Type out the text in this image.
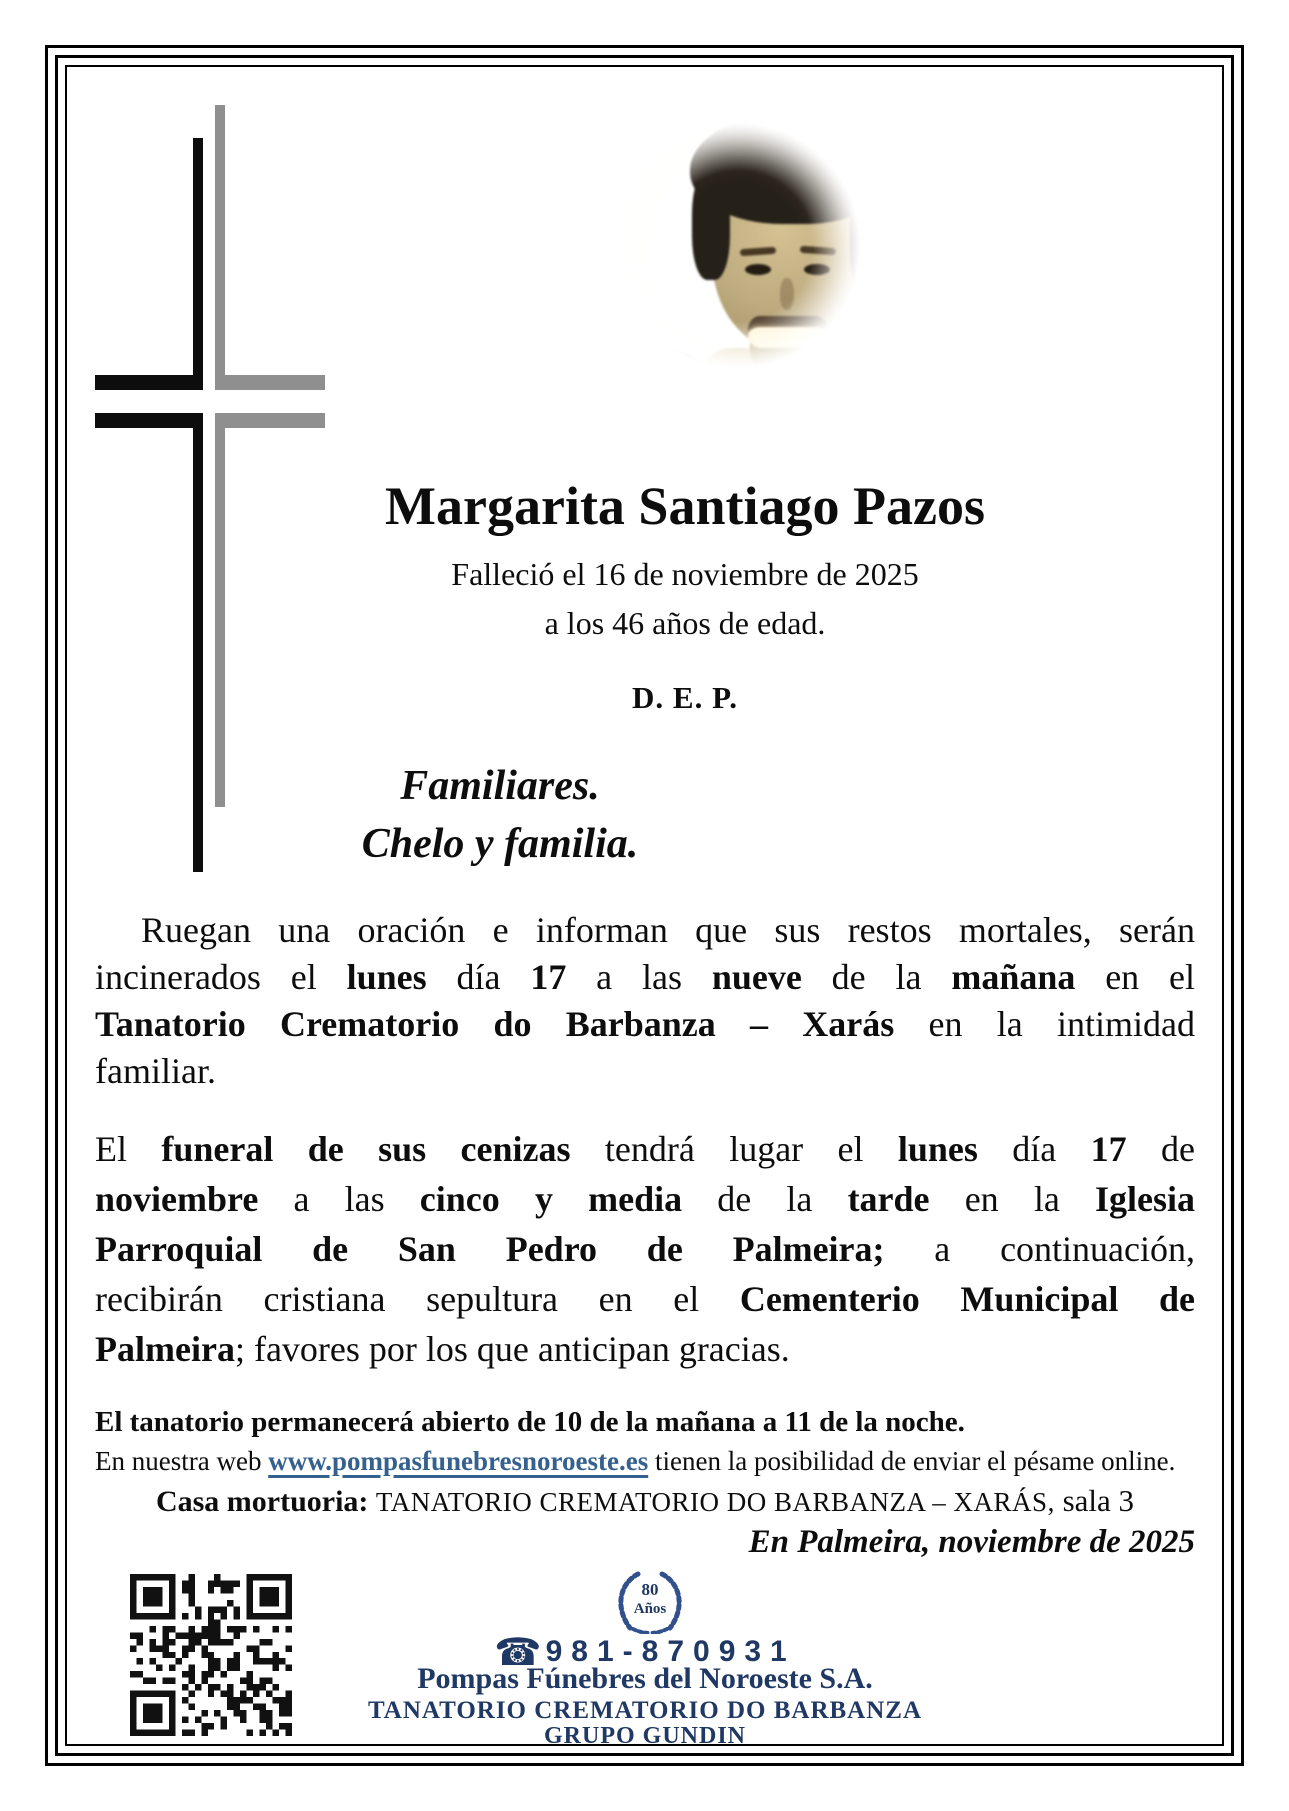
Margarita Santiago Pazos
Falleció el 16 de noviembre de 2025
a los 46 años de edad.
D. E. P.
Familiares.
Chelo y familia.
Ruegan una oración e informan que sus restos mortales, serán
incinerados el lunes día 17 a las nueve de la mañana en el
Tanatorio Crematorio do Barbanza – Xarás en la intimidad
familiar.
El funeral de sus cenizas tendrá lugar el lunes día 17 de
noviembre a las cinco y media de la tarde en la Iglesia
Parroquial de San Pedro de Palmeira; a continuación,
recibirán cristiana sepultura en el Cementerio Municipal de
Palmeira; favores por los que anticipan gracias.
El tanatorio permanecerá abierto de 10 de la mañana a 11 de la noche.
En nuestra web www.pompasfunebresnoroeste.es tienen la posibilidad de enviar el pésame online.
Casa mortuoria: TANATORIO CREMATORIO DO BARBANZA – XARÁS, sala 3
En Palmeira, noviembre de 2025
80
Años
☎ 981-870931
Pompas Fúnebres del Noroeste S.A.
TANATORIO CREMATORIO DO BARBANZA
GRUPO GUNDIN
